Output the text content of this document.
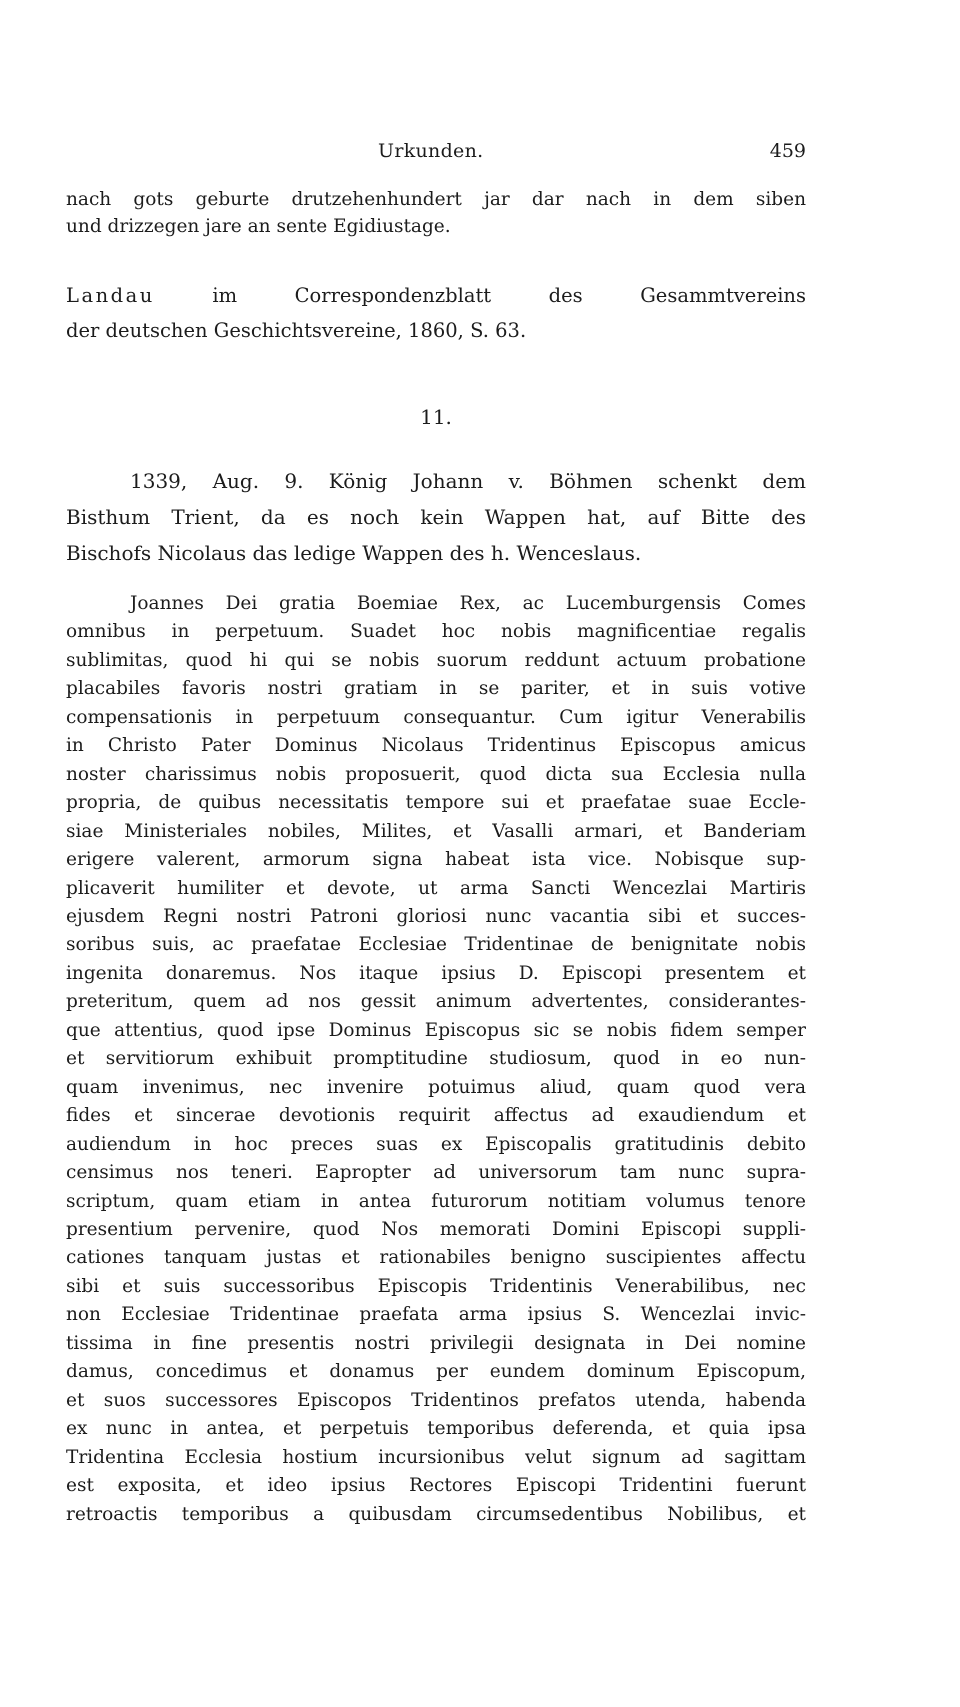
Urkunden.	459
nach gots geburte drutzehenhundert jar dar nach in dem siben
und drizzegen jare an sente Egidiustage.
Landau im Correspondenzblatt des Gesammtvereins
der deutschen Geschichtsvereine, 1860, S. 63.
11.
1339, Aug. 9. König Johann v. Böhmen schenkt dem
Bisthum Trient, da es noch kein Wappen hat, auf Bitte des
Bischofs Nicolaus das ledige Wappen des h. Wenceslaus.
Joannes Dei gratia Boemiae Rex, ac Lucemburgensis Comes
omnibus in perpetuum. Suadet hoc nobis magnificentiae regalis
sublimitas, quod hi qui se nobis suorum reddunt actuum probatione
placabiles favoris nostri gratiam in se pariter, et in suis votive
compensationis in perpetuum consequantur. Cum igitur Venerabilis
in Christo Pater Dominus Nicolaus Tridentinus Episcopus amicus
noster charissimus nobis proposuerit, quod dicta sua Ecclesia nulla
propria, de quibus necessitatis tempore sui et praefatae suae Eccle-
siae Ministeriales nobiles, Milites, et Vasalli armari, et Banderiam
erigere valerent, armorum signa habeat ista vice. Nobisque sup-
plicaverit humiliter et devote, ut arma Sancti Wencezlai Martiris
ejusdem Regni nostri Patroni gloriosi nunc vacantia sibi et succes-
soribus suis, ac praefatae Ecclesiae Tridentinae de benignitate nobis
ingenita donaremus. Nos itaque ipsius D. Episcopi presentem et
preteritum, quem ad nos gessit animum advertentes, considerantes-
que attentius, quod ipse Dominus Episcopus sic se nobis fidem semper
et servitiorum exhibuit promptitudine studiosum, quod in eo nun-
quam invenimus, nec invenire potuimus aliud, quam quod vera
fides et sincerae devotionis requirit affectus ad exaudiendum et
audiendum in hoc preces suas ex Episcopalis gratitudinis debito
censimus nos teneri. Eapropter ad universorum tam nunc supra-
scriptum, quam etiam in antea futurorum notitiam volumus tenore
presentium pervenire, quod Nos memorati Domini Episcopi suppli-
cationes tanquam justas et rationabiles benigno suscipientes affectu
sibi et suis successoribus Episcopis Tridentinis Venerabilibus, nec
non Ecclesiae Tridentinae praefata arma ipsius S. Wencezlai invic-
tissima in fine presentis nostri privilegii designata in Dei nomine
damus, concedimus et donamus per eundem dominum Episcopum,
et suos successores Episcopos Tridentinos prefatos utenda, habenda
ex nunc in antea, et perpetuis temporibus deferenda, et quia ipsa
Tridentina Ecclesia hostium incursionibus velut signum ad sagittam
est exposita, et ideo ipsius Rectores Episcopi Tridentini fuerunt
retroactis temporibus a quibusdam circumsedentibus Nobilibus, et
